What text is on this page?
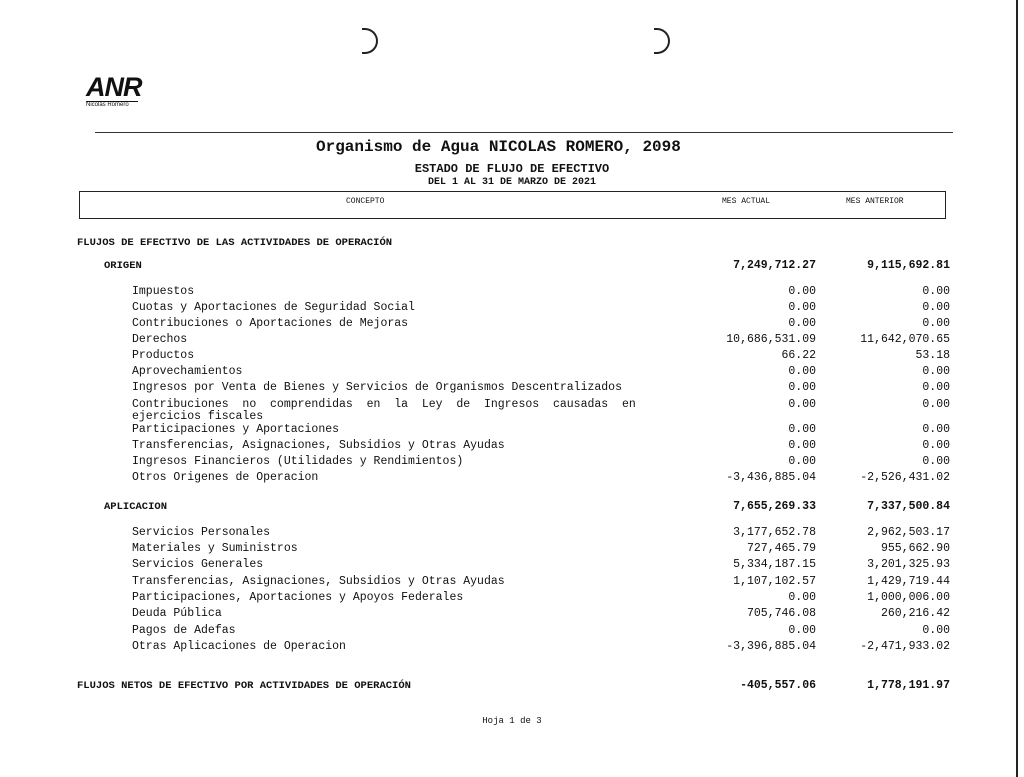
ANR
Nicolás Romero
Organismo de Agua NICOLAS ROMERO, 2098
ESTADO DE FLUJO DE EFECTIVO
DEL 1 AL 31 DE MARZO DE 2021
CONCEPTO	MES ACTUAL	MES ANTERIOR
FLUJOS DE EFECTIVO DE LAS ACTIVIDADES DE OPERACIÓN
ORIGEN	7,249,712.27	9,115,692.81
Impuestos	0.00	0.00
Cuotas y Aportaciones de Seguridad Social	0.00	0.00
Contribuciones o Aportaciones de Mejoras	0.00	0.00
Derechos	10,686,531.09	11,642,070.65
Productos	66.22	53.18
Aprovechamientos	0.00	0.00
Ingresos por Venta de Bienes y Servicios de Organismos Descentralizados	0.00	0.00
Contribuciones  no  comprendidas  en  la  Ley  de  Ingresos  causadas  en	0.00	0.00
ejercicios fiscales
Participaciones y Aportaciones	0.00	0.00
Transferencias, Asignaciones, Subsidios y Otras Ayudas	0.00	0.00
Ingresos Financieros (Utilidades y Rendimientos)	0.00	0.00
Otros Origenes de Operacion	-3,436,885.04	-2,526,431.02
APLICACION	7,655,269.33	7,337,500.84
Servicios Personales	3,177,652.78	2,962,503.17
Materiales y Suministros	727,465.79	955,662.90
Servicios Generales	5,334,187.15	3,201,325.93
Transferencias, Asignaciones, Subsidios y Otras Ayudas	1,107,102.57	1,429,719.44
Participaciones, Aportaciones y Apoyos Federales	0.00	1,000,006.00
Deuda Pública	705,746.08	260,216.42
Pagos de Adefas	0.00	0.00
Otras Aplicaciones de Operacion	-3,396,885.04	-2,471,933.02
FLUJOS NETOS DE EFECTIVO POR ACTIVIDADES DE OPERACIÓN	-405,557.06	1,778,191.97
Hoja 1 de 3
